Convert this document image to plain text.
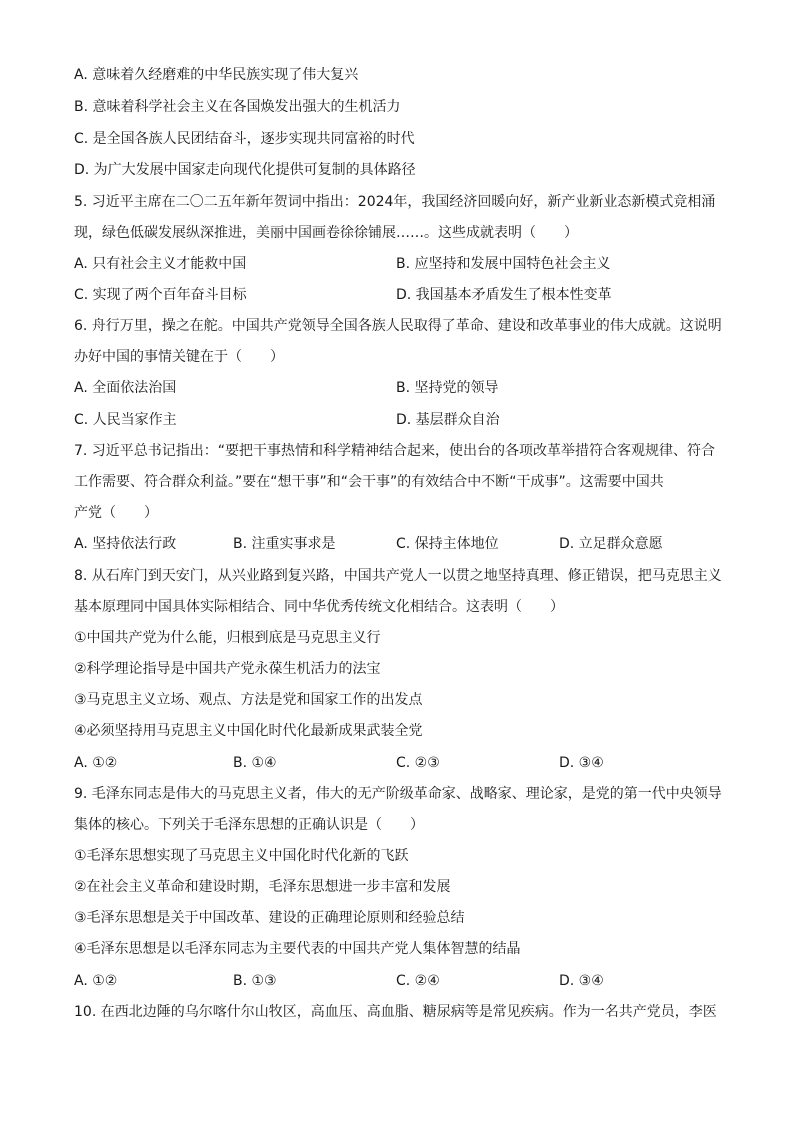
A. 意味着久经磨难的中华民族实现了伟大复兴
B. 意味着科学社会主义在各国焕发出强大的生机活力
C. 是全国各族人民团结奋斗，逐步实现共同富裕的时代
D. 为广大发展中国家走向现代化提供可复制的具体路径
5. 习近平主席在二〇二五年新年贺词中指出：2024年，我国经济回暖向好，新产业新业态新模式竞相涌
现，绿色低碳发展纵深推进，美丽中国画卷徐徐铺展……。这些成就表明（　　）
A. 只有社会主义才能救中国	B. 应坚持和发展中国特色社会主义
C. 实现了两个百年奋斗目标	D. 我国基本矛盾发生了根本性变革
6. 舟行万里，操之在舵。中国共产党领导全国各族人民取得了革命、建设和改革事业的伟大成就。这说明
办好中国的事情关键在于（　　）
A. 全面依法治国	B. 坚持党的领导
C. 人民当家作主	D. 基层群众自治
7. 习近平总书记指出：“要把干事热情和科学精神结合起来，使出台的各项改革举措符合客观规律、符合
工作需要、符合群众利益。”要在“想干事”和“会干事”的有效结合中不断“干成事”。这需要中国共
产党（　　）
A. 坚持依法行政	B. 注重实事求是	C. 保持主体地位	D. 立足群众意愿
8. 从石库门到天安门，从兴业路到复兴路，中国共产党人一以贯之地坚持真理、修正错误，把马克思主义
基本原理同中国具体实际相结合、同中华优秀传统文化相结合。这表明（　　）
①中国共产党为什么能，归根到底是马克思主义行
②科学理论指导是中国共产党永葆生机活力的法宝
③马克思主义立场、观点、方法是党和国家工作的出发点
④必须坚持用马克思主义中国化时代化最新成果武装全党
A. ①②	B. ①④	C. ②③	D. ③④
9. 毛泽东同志是伟大的马克思主义者，伟大的无产阶级革命家、战略家、理论家，是党的第一代中央领导
集体的核心。下列关于毛泽东思想的正确认识是（　　）
①毛泽东思想实现了马克思主义中国化时代化新的飞跃
②在社会主义革命和建设时期，毛泽东思想进一步丰富和发展
③毛泽东思想是关于中国改革、建设的正确理论原则和经验总结
④毛泽东思想是以毛泽东同志为主要代表的中国共产党人集体智慧的结晶
A. ①②	B. ①③	C. ②④	D. ③④
10. 在西北边陲的乌尔喀什尔山牧区，高血压、高血脂、糖尿病等是常见疾病。作为一名共产党员，李医
